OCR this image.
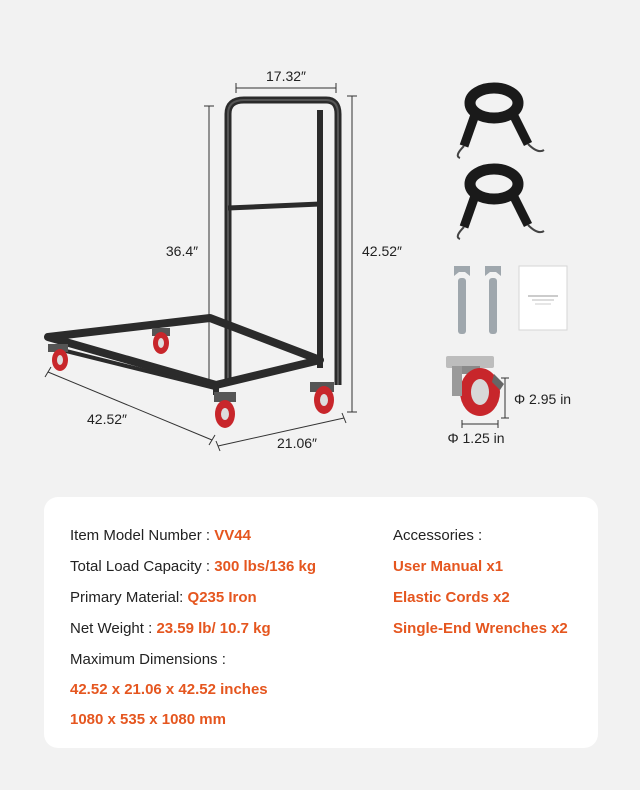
17.32″
36.4″	42.52″
42.52″
21.06″
Φ 2.95 in
Φ 1.25 in
Item Model Number : VV44
Total Load Capacity : 300 lbs/136 kg
Primary Material: Q235 Iron
Net Weight : 23.59 lb/ 10.7 kg
Maximum Dimensions :
42.52 x 21.06 x 42.52 inches
1080 x 535 x 1080 mm
Accessories :
User Manual x1
Elastic Cords x2
Single-End Wrenches x2
